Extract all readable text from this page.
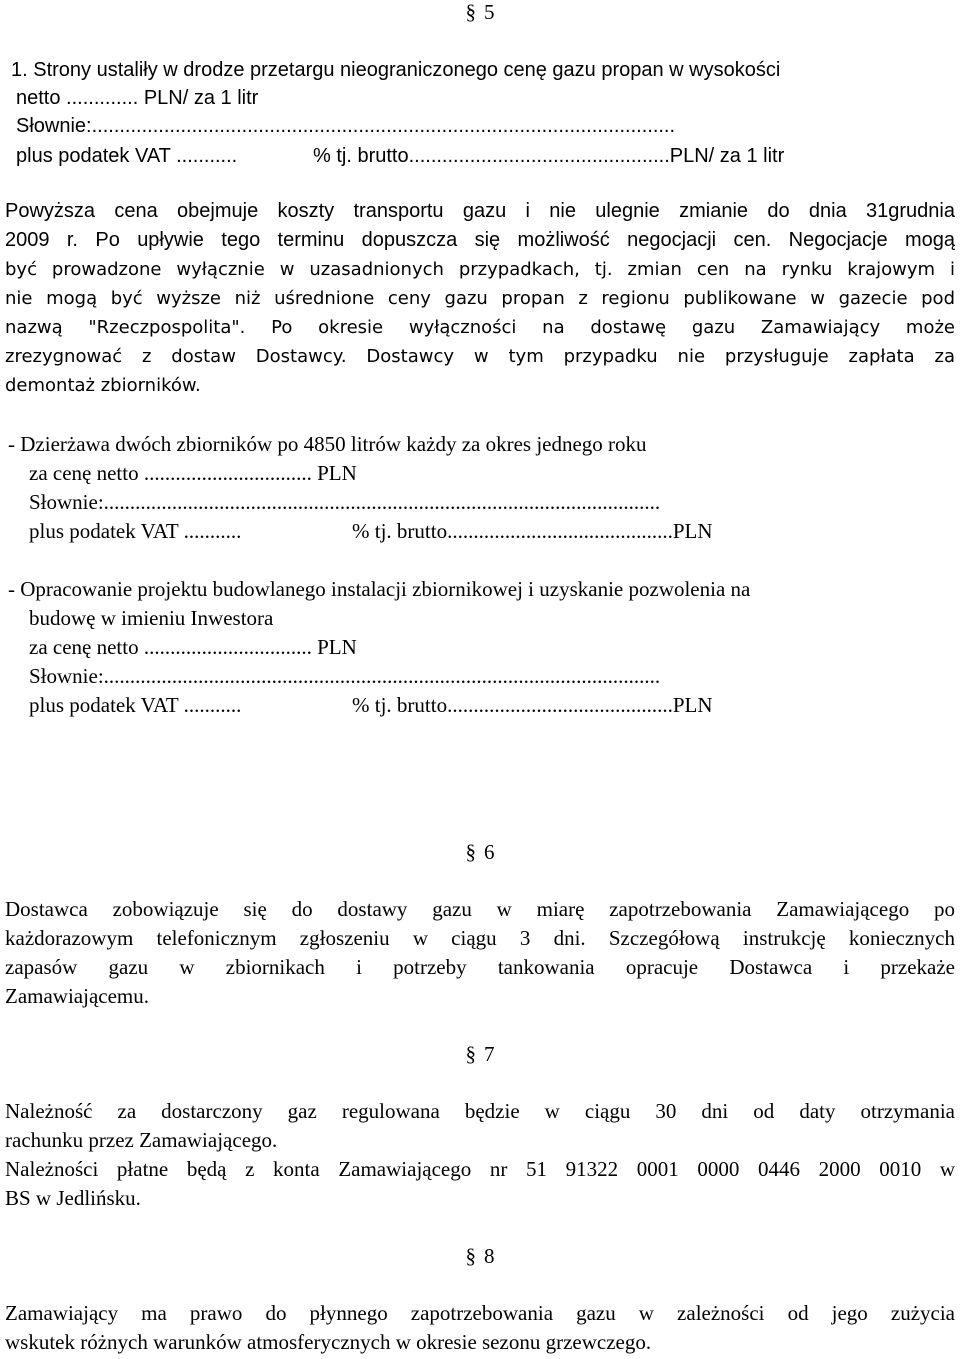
§ 5
1. Strony ustaliły w drodze przetargu nieograniczonego cenę gazu propan w wysokości
netto ............. PLN/ za 1 litr
Słownie:.........................................................................................................
plus podatek VAT ...........	% tj. brutto...............................................PLN/ za 1 litr
Powyższa cena obejmuje koszty transportu gazu i nie ulegnie zmianie do dnia 31grudnia
2009 r. Po upływie tego terminu dopuszcza się możliwość negocjacji cen. Negocjacje mogą
być prowadzone wyłącznie w uzasadnionych przypadkach, tj. zmian cen na rynku krajowym i
nie mogą być wyższe niż uśrednione ceny gazu propan z regionu publikowane w gazecie pod
nazwą "Rzeczpospolita". Po okresie wyłączności na dostawę gazu Zamawiający może
zrezygnować z dostaw Dostawcy. Dostawcy w tym przypadku nie przysługuje zapłata za
demontaż zbiorników.
- Dzierżawa dwóch zbiorników po 4850 litrów każdy za okres jednego roku
za cenę netto ................................ PLN
Słownie:..........................................................................................................
plus podatek VAT ...........	% tj. brutto...........................................PLN
- Opracowanie projektu budowlanego instalacji zbiornikowej i uzyskanie pozwolenia na
budowę w imieniu Inwestora
za cenę netto ................................ PLN
Słownie:..........................................................................................................
plus podatek VAT ...........	% tj. brutto...........................................PLN
§ 6
Dostawca zobowiązuje się do dostawy gazu w miarę zapotrzebowania Zamawiającego po
każdorazowym telefonicznym zgłoszeniu w ciągu 3 dni. Szczegółową instrukcję koniecznych
zapasów gazu w zbiornikach i potrzeby tankowania opracuje Dostawca i przekaże
Zamawiającemu.
§ 7
Należność za dostarczony gaz regulowana będzie w ciągu 30 dni od daty otrzymania
rachunku przez Zamawiającego.
Należności płatne będą z konta Zamawiającego nr 51 91322 0001 0000 0446 2000 0010 w
BS w Jedlińsku.
§ 8
Zamawiający ma prawo do płynnego zapotrzebowania gazu w zależności od jego zużycia
wskutek różnych warunków atmosferycznych w okresie sezonu grzewczego.
